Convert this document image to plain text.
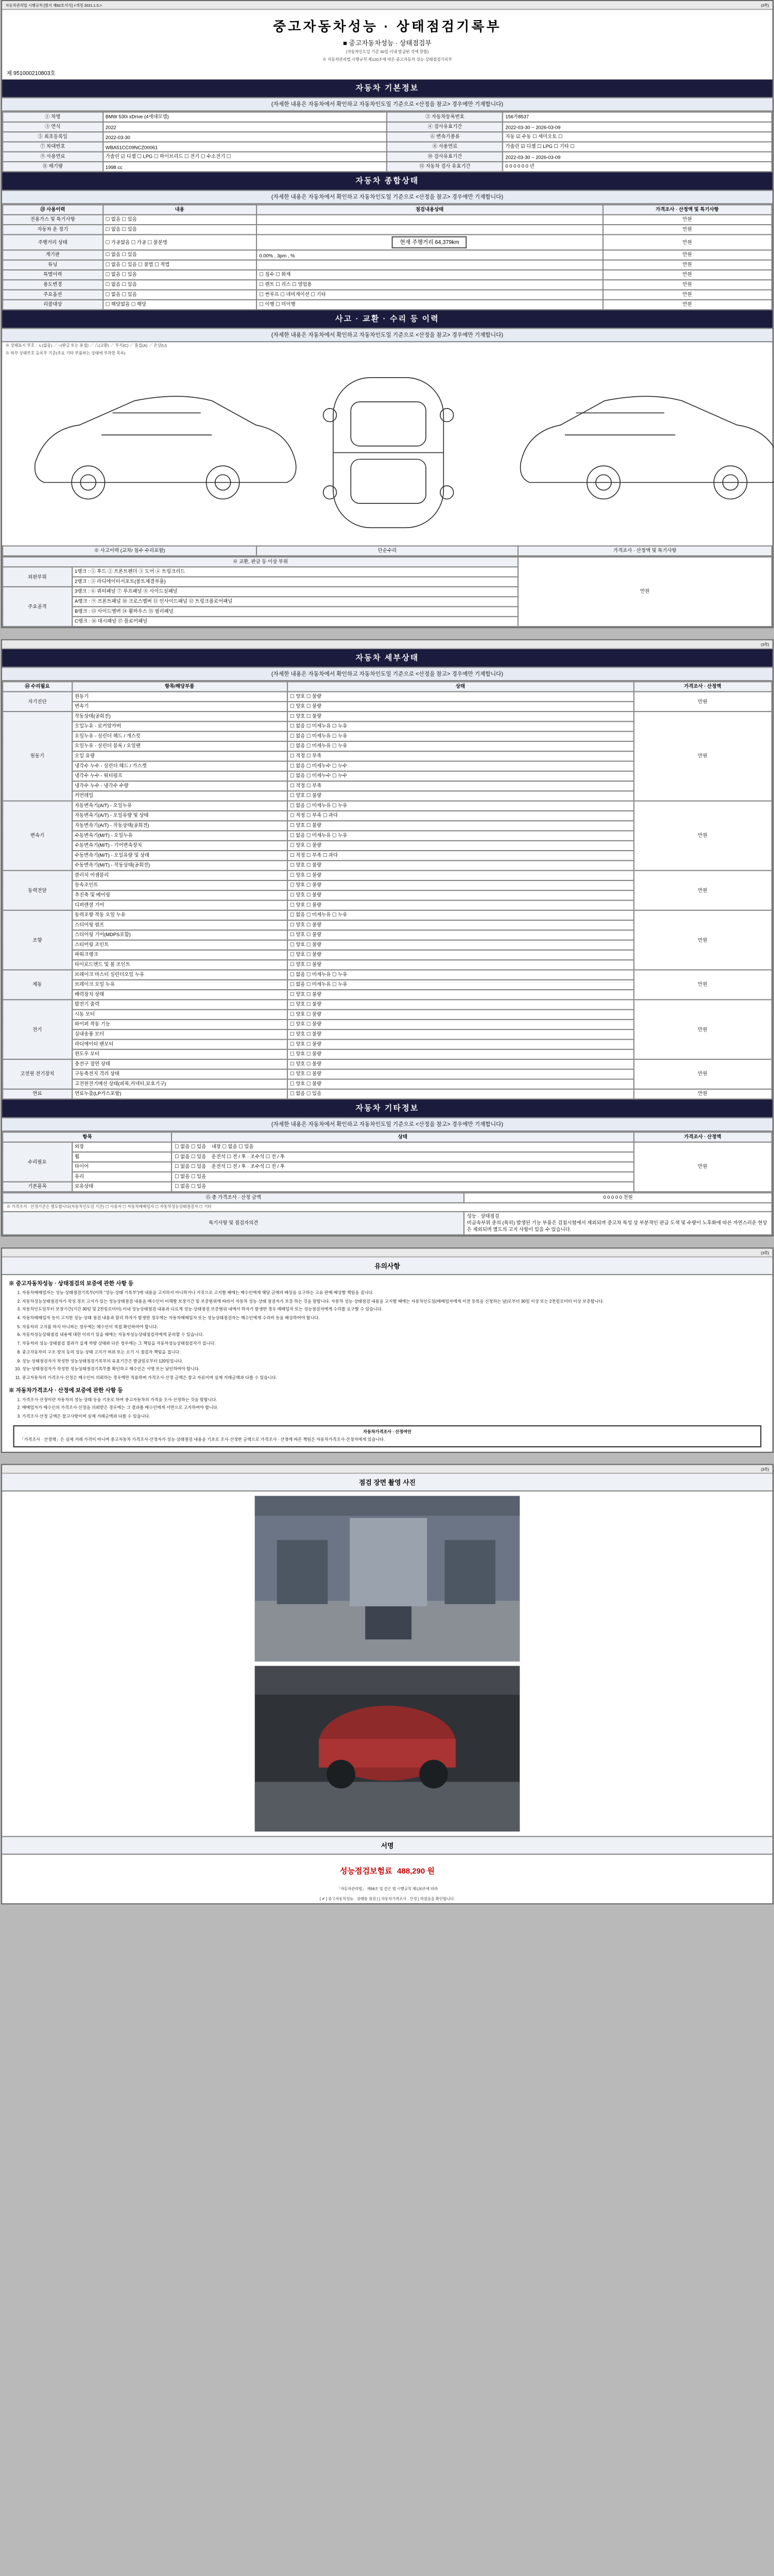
자동차관리법 시행규칙 [별지 제82호서식] <개정 2021.1.5.>	(3쪽)
중고자동차성능 · 상태점검기록부
■ 중고자동차성능 · 상태점검부
(자동차인도일 기준 30일 이내 발급된 것에 한함)
※ 자동차관리법 시행규칙 제120조에 따른 중고자동차 성능·상태점검기록부
제 951000210803호
자동차 기본정보
(자세한 내용은 자동차에서 확인하고 자동차인도일 기준으로 <산정을 참고> 경우에만 기재합니다)
① 차명	BMW 530i xDrive (4세대모델)	② 자동차등록번호	156가8537
③ 연식	2022	④ 검사유효기간	2022-03-30 ~ 2026-03-09
⑤ 최초등록일	2022-03-30	⑥ 변속기종류	자동 ☑ 수동 ☐ 세미오토 ☐
⑦ 차대번호	WBA51CC09NCZ00061	⑧ 사용연료	가솔린 ☑ 디젤 ☐ LPG ☐ 기타 ☐
⑨ 사용연료	가솔린 ☑ 디젤 ☐ LPG ☐ 하이브리드 ☐ 전기 ☐ 수소전기 ☐	⑩ 검사유효기간	2022-03-30 ~ 2026-03-09
⑪ 배기량	1998 cc	⑫ 자동차 검사 유효기간	0 0 0 0 0 0 년
자동차 종합상태
(자세한 내용은 자동차에서 확인하고 자동차인도일 기준으로 <산정을 참고> 경우에만 기재합니다)
⑬ 사용이력	내용	점검내용상태	가격조사 · 산정액 및 특기사항
전용가스 및 특기사항	☐ 없음 ☐ 있음		만원
자동차 운 정기	☐ 없음 ☐ 있음		만원
주행거리 상태	☐ 가공없음 ☐ 가공 ☐ 불분명	현재 주행거리 64,379km	만원
계기판	☐ 없음 ☐ 있음	0.00% , 3pm , %	만원
튜닝	☐ 없음 ☐ 있음 ☐ 불법 ☐ 적법		만원
특별이력	☐ 없음 ☐ 있음	☐ 침수 ☐ 화재	만원
용도변경	☐ 없음 ☐ 있음	☐ 렌트 ☐ 리스 ☐ 영업용	만원
주요옵션	☐ 없음 ☐ 있음	☐ 썬루프 ☐ 네비게이션 ☐ 기타	만원
리콜대상	☐ 해당없음 ☐ 해당	☐ 이행 ☐ 미이행	만원
사고 · 교환 · 수리 등 이력
(자세한 내용은 자동차에서 확인하고 자동차인도일 기준으로 <산정을 참고> 경우에만 기재합니다)
※ 상태표시 부호 : ｘ(없음) ／ ○(판금 또는 용접) ／ △(교환) ／ 부식(C) ／ 흠집(A) ／ 손상(U)
※ 하부 상태부호 등록부 기준(주요 기타 부품하는 상태에 부착한 목록)
※ 사고이력 (교차/ 침수 수리포함)	단순수리	가격조사 · 산정액 및 특기사항
※ 교환, 판금 등 이상 부위		만원
외판부위	1랭크 : ① 후드 ② 프론트펜더 ③ 도어 ④ 트렁크리드	
	2랭크 : ⑤ 라디에이터서포트(볼트체결부품)	
주요골격	3랭크 : ⑥ 쿼터패널 ⑦ 루프패널 ⑧ 사이드실패널	
	A랭크 : ⑨ 프론트패널 ⑩ 크로스멤버 ⑪ 인사이드패널 ⑫ 트렁크플로어패널	
	B랭크 : ⑬ 사이드멤버 ⑭ 휠하우스 ⑮ 필러패널	
	C랭크 : ⑯ 대시패널 ⑰ 플로어패널	
(3쪽)
자동차 세부상태
(자세한 내용은 자동차에서 확인하고 자동차인도일 기준으로 <산정을 참고> 경우에만 기재합니다)
⑭ 수리필요	항목/해당부품	상태	가격조사 · 산정액
자기진단	원동기	☐ 양호 ☐ 불량	만원
	변속기	☐ 양호 ☐ 불량	
원동기	작동상태(공회전)	☐ 양호 ☐ 불량	만원
	오일누유 - 로커암카버	☐ 없음 ☐ 미세누유 ☐ 누유	
	오일누유 - 실린더 헤드 / 개스킷	☐ 없음 ☐ 미세누유 ☐ 누유	
	오일누유 - 실린더 블록 / 오일팬	☐ 없음 ☐ 미세누유 ☐ 누유	
	오일 유량	☐ 적정 ☐ 부족	
	냉각수 누수 - 실린더 헤드 / 가스켓	☐ 없음 ☐ 미세누수 ☐ 누수	
	냉각수 누수 - 워터펌프	☐ 없음 ☐ 미세누수 ☐ 누수	
	냉각수 누수 - 냉각수 수량	☐ 적정 ☐ 부족	
	커먼레일	☐ 양호 ☐ 불량	
변속기	자동변속기(A/T) - 오일누유	☐ 없음 ☐ 미세누유 ☐ 누유	만원
	자동변속기(A/T) - 오일유량 및 상태	☐ 적정 ☐ 부족 ☐ 과다	
	자동변속기(A/T) - 작동상태(공회전)	☐ 양호 ☐ 불량	
	수동변속기(M/T) - 오일누유	☐ 없음 ☐ 미세누유 ☐ 누유	
	수동변속기(M/T) - 기어변속장치	☐ 양호 ☐ 불량	
	수동변속기(M/T) - 오일유량 및 상태	☐ 적정 ☐ 부족 ☐ 과다	
	수동변속기(M/T) - 작동상태(공회전)	☐ 양호 ☐ 불량	
동력전달	클러치 어셈블리	☐ 양호 ☐ 불량	만원
	등속조인트	☐ 양호 ☐ 불량	
	추진축 및 베어링	☐ 양호 ☐ 불량	
	디퍼렌셜 기어	☐ 양호 ☐ 불량	
조향	동력조향 작동 오일 누유	☐ 없음 ☐ 미세누유 ☐ 누유	만원
	스티어링 펌프	☐ 양호 ☐ 불량	
	스티어링 기어(MDPS포함)	☐ 양호 ☐ 불량	
	스티어링 조인트	☐ 양호 ☐ 불량	
	파워크랭크	☐ 양호 ☐ 불량	
	타이로드엔드 및 볼 조인트	☐ 양호 ☐ 불량	
제동	브레이크 마스터 실린더오일 누유	☐ 없음 ☐ 미세누유 ☐ 누유	만원
	브레이크 오일 누유	☐ 없음 ☐ 미세누유 ☐ 누유	
	배력장치 상태	☐ 양호 ☐ 불량	
전기	발전기 출력	☐ 양호 ☐ 불량	만원
	시동 모터	☐ 양호 ☐ 불량	
	와이퍼 작동 기능	☐ 양호 ☐ 불량	
	실내송풍 모터	☐ 양호 ☐ 불량	
	라디에이터 팬모터	☐ 양호 ☐ 불량	
	윈도우 모터	☐ 양호 ☐ 불량	
고전원 전기장치	충전구 절연 상태	☐ 양호 ☐ 불량	만원
	구동축전지 격리 상태	☐ 양호 ☐ 불량	
	고전원전기배선 상태(피복,커넥터,보호기구)	☐ 양호 ☐ 불량	
연료	연료누출(LP가스포함)	☐ 없음 ☐ 있음	만원
자동차 기타정보
(자세한 내용은 자동차에서 확인하고 자동차인도일 기준으로 <산정을 참고> 경우에만 기재합니다)
항목		상태	가격조사 · 산정액
수리필요	외장	☐ 없음 ☐ 있음 내장 ☐ 없음 ☐ 있음	만원
	휠	☐ 없음 ☐ 있음 운전석 ☐ 전 / 후 · 조수석 ☐ 전 / 후	
	타이어	☐ 없음 ☐ 있음 운전석 ☐ 전 / 후 · 조수석 ☐ 전 / 후	
	유리	☐ 없음 ☐ 있음	
기본품목	보유상태	☐ 없음 ☐ 있음	
⑮ 총 가격조사 · 산정 금액	0 0 0 0 0 천원
※ 가격조사 · 산정기준은 별도합니다(자동차인도일 기준) ☐ 사용자 ☐ 자동차매매업자 ☐ 자동차성능상태점검자 ☐ 기타	
특기사항 및 점검자의견	성능 · 상태점검
비금속부위 중의 (특히) 발생된 기능 부품은 검침시험에서 제외되며 중고차 특성 상 부분적인 판금 도색 및 수량이 노후화에 따른 자연스러운 현상은 제외되며 별도의 고지 사항이 있을 수 있습니다.
(3쪽)
유의사항
※ 중고자동차성능 · 상태점검의 보증에 관한 사항 등
1. 자동차매매업자는 성능·상태점검기록부(이하 "성능·상태 기록부")에 내용을 고지하지 아니하거나 거짓으로 고지할 때에는 매수인에게 해당 금액의 배상을 요구하는 고유 판매 배상할 책임을 집니다.
2. 자동차성능상태점검자가 작성 정보 고지가 있는 성능상태점검 내용을 매수인이 이해할 보장기간 및 보증범위에 따라서 자동차 성능·상태 점검자가 보증 하는 것을 말합니다. 자동차 성능·상태점검 내용을 고지할 때에는 자동차인도일(매매업자에게 이전 등록을 신청하는 날)로부터 30일 이상 또는 2천킬로미터 이상 보증합니다.
3. 자동차인도일부터 보장기간(기간 30일 및 2천킬로미터) 이내 성능상태점검 내용과 다르게 성능·상태점검 보증범위 내에서 하자가 발생한 경우 매매업자 또는 성능점검자에게 수리를 요구할 수 있습니다.
4. 자동차매매업자 등이 고지한 성능·상태 점검 내용과 달리 하자가 발생한 경우에는 자동차매매업자 또는 성능상태점검자는 매수인에게 수리비 등을 배상하여야 합니다.
5. 자동차의 고지를 하지 아니하는 경우에는 매수인이 직접 확인하여야 합니다.
6. 자동차성능상태점검 내용에 대한 이의가 있을 때에는 자동차성능상태점검자에게 문의할 수 있습니다.
7. 자동차의 성능·상태점검 결과가 실제 차량 상태와 다른 경우에는 그 책임을 자동차성능상태점검자가 집니다.
8. 중고자동차의 구조·장치 등의 성능·상태 고지가 허위 또는 오기 시 점검자 책임을 집니다.
9. 성능·상태점검자가 작성한 성능상태점검기록부의 유효기간은 발급일로부터 120일입니다.
10. 성능·상태점검자가 작성한 성능상태점검기록부를 확인하고 매수인은 서명 또는 날인하여야 합니다.
11. 중고자동차의 가격조사·산정은 매수인이 의뢰하는 경우에만 적용하며 가격조사·산정 금액은 참고 자료이며 실제 거래금액과 다를 수 있습니다.
※ 자동차가격조사 · 산정에 보증에 관한 사항 등
1. 가격조사·산정이란 자동차의 성능·상태 등을 기초로 하여 중고자동차의 가격을 조사·산정하는 것을 말합니다.
2. 매매업자가 매수인의 가격조사·산정을 의뢰받은 경우에는 그 결과를 매수인에게 서면으로 고지하여야 합니다.
3. 가격조사·산정 금액은 참고사항이며 실제 거래금액과 다를 수 있습니다.
자동차가격조사 · 산정여안
「가격조사 · 산정액」은 실제 거래 가격이 아니며 중고자동차 가격조사·산정자가 성능·상태점검 내용을 기초로 조사·산정한 금액으로 가격조사 · 산정에 따른 책임은 자동차가격조사·산정자에게 있습니다.
(3쪽)
점검 장면 촬영 사진
서명
성능점검보험료 488,290 원
「자동차관리법」 제58조 및 같은 법 시행규칙 제120조에 따라
[ ✔ ] 중고자동차성능 · 상태를 점검 [ ] 자동차가격조사 · 산정 ] 하였음을 확인합니다.
